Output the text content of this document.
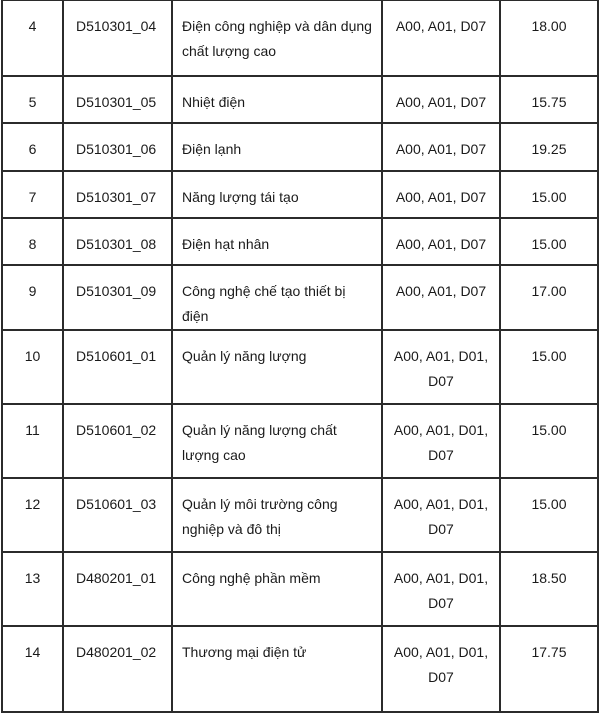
4	D510301_04	Điện công nghiệp và dân dụng chất lượng cao	A00, A01, D07	18.00

5	D510301_05	Nhiệt điện	A00, A01, D07	15.75

6	D510301_06	Điện lạnh	A00, A01, D07	19.25

7	D510301_07	Năng lượng tái tạo	A00, A01, D07	15.00

8	D510301_08	Điện hạt nhân	A00, A01, D07	15.00

9	D510301_09	Công nghệ chế tạo thiết bị điện	A00, A01, D07	17.00

10	D510601_01	Quản lý năng lượng	A00, A01, D01, D07	15.00

11	D510601_02	Quản lý năng lượng chất lượng cao	A00, A01, D01, D07	15.00

12	D510601_03	Quản lý môi trường công nghiệp và đô thị	A00, A01, D01, D07	15.00

13	D480201_01	Công nghệ phần mềm	A00, A01, D01, D07	18.50

14	D480201_02	Thương mại điện tử	A00, A01, D01, D07	17.75
